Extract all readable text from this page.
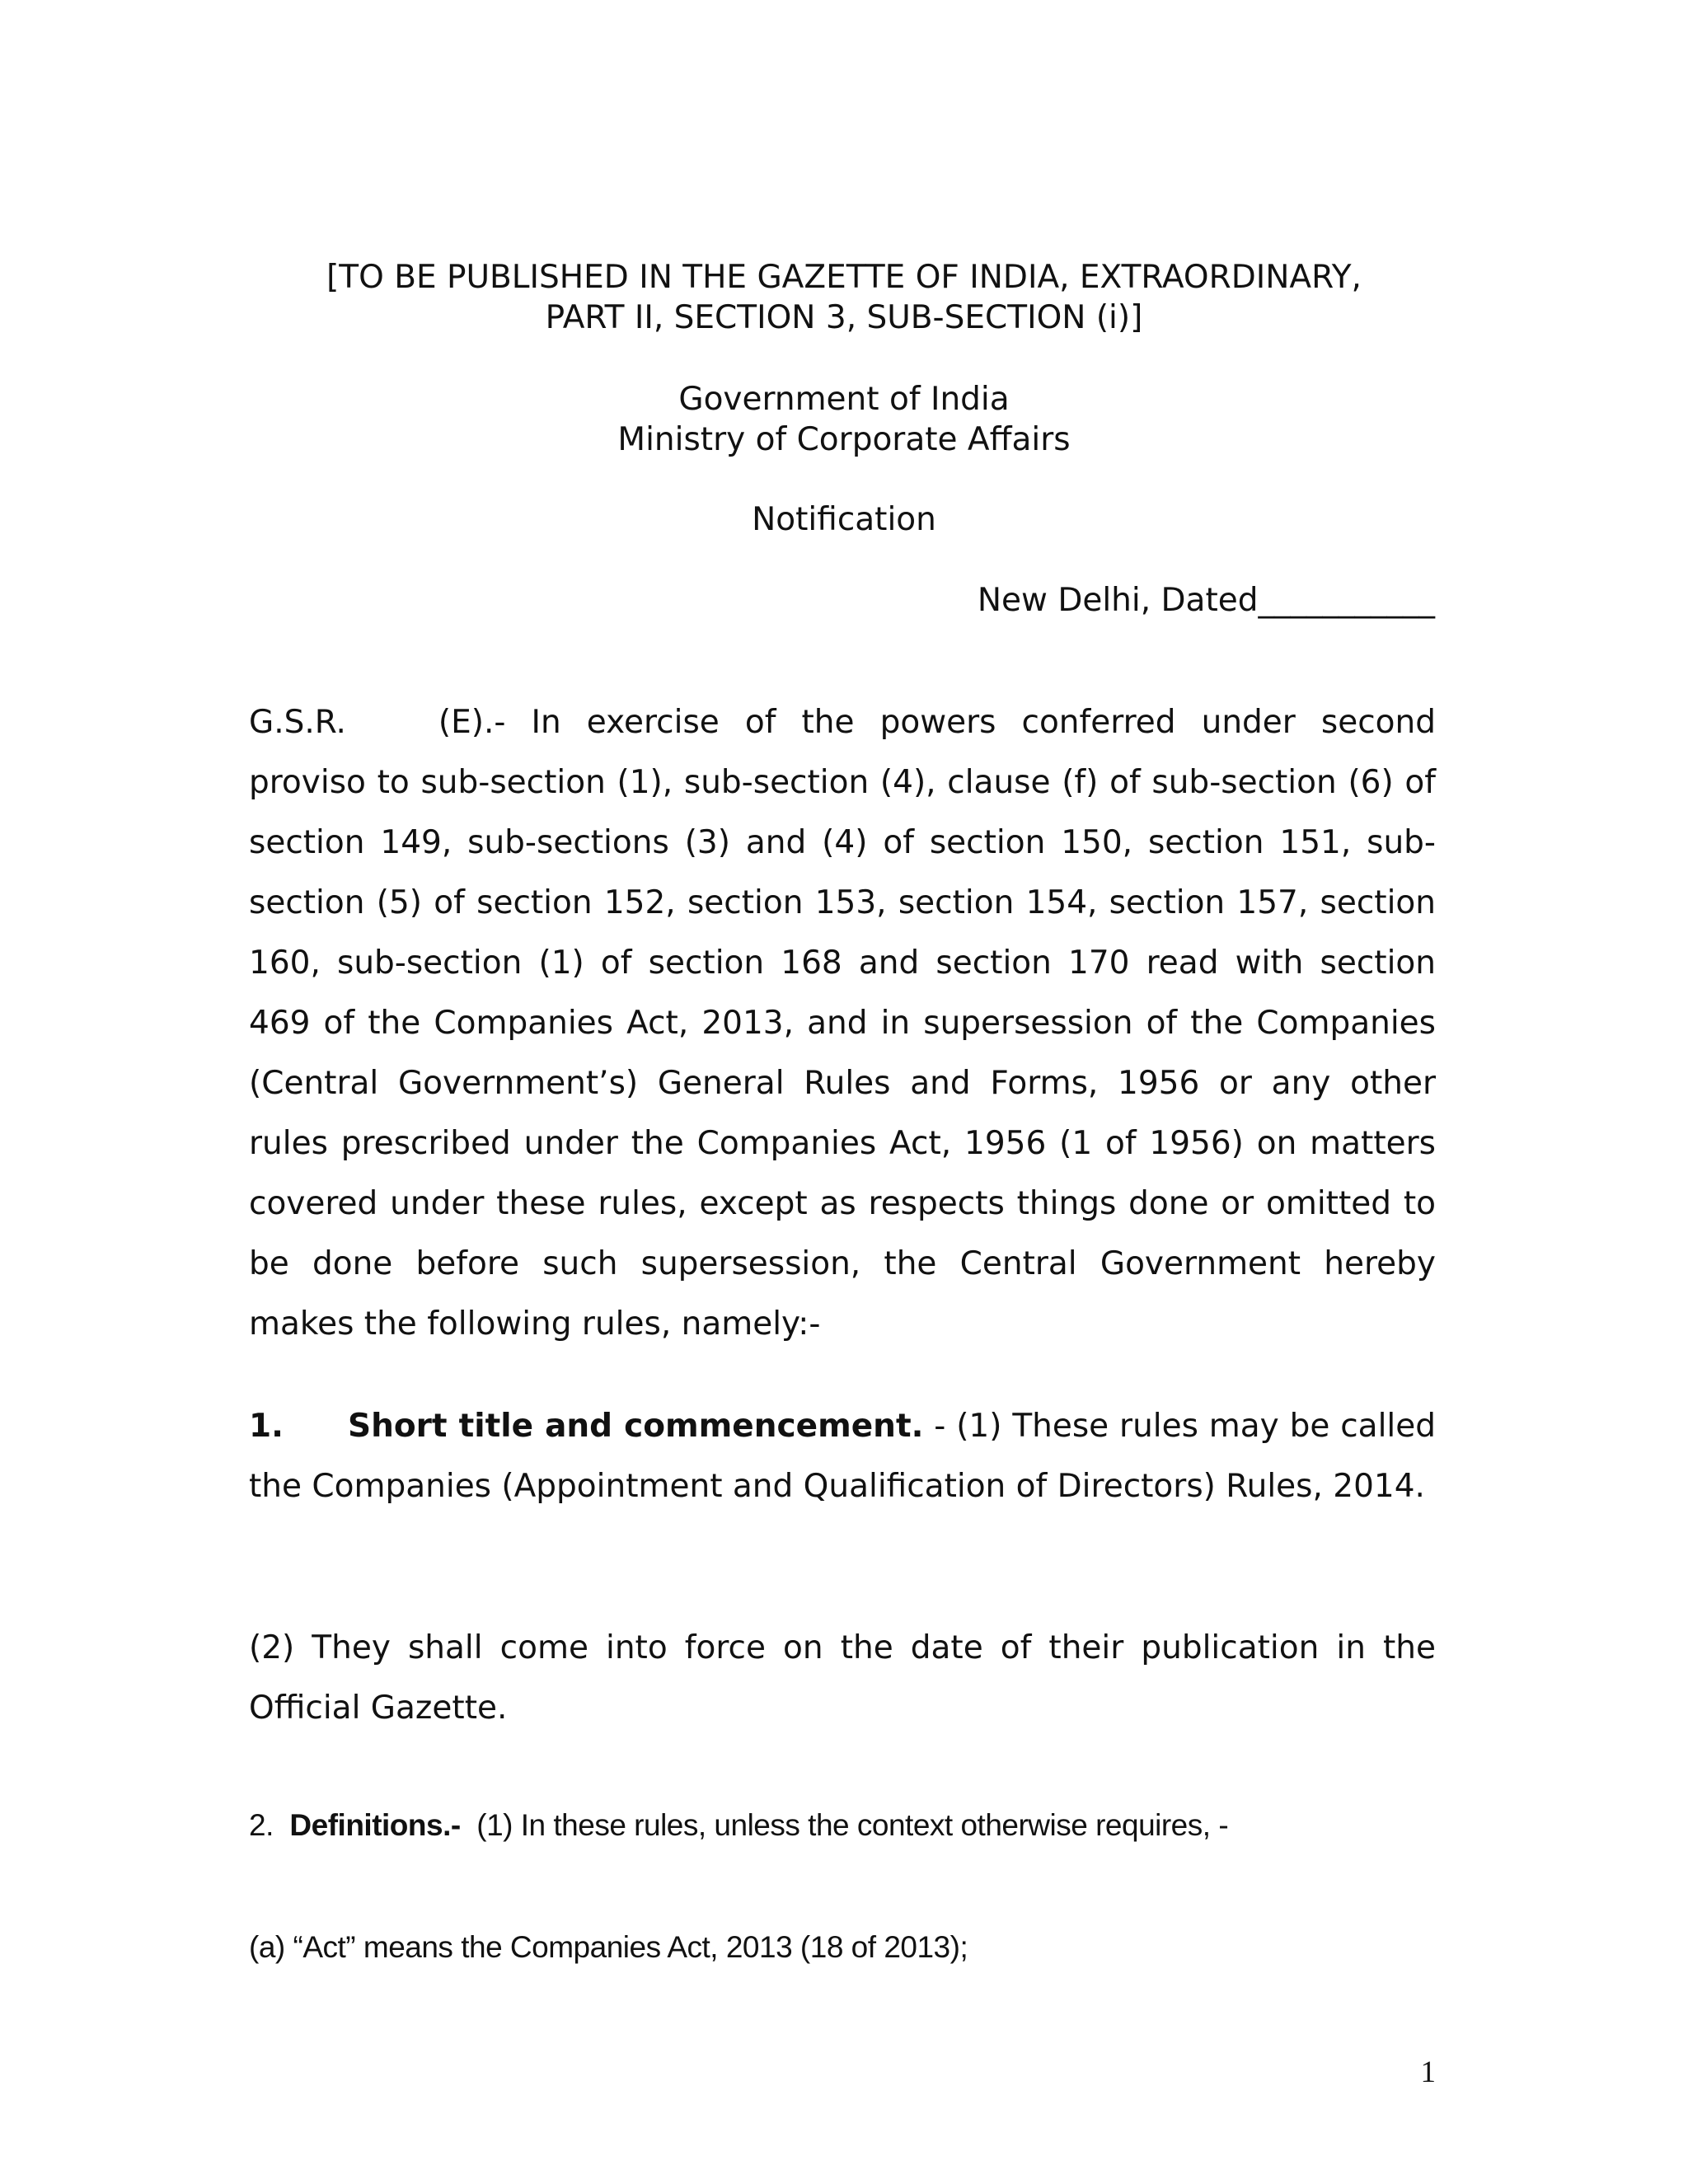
[TO BE PUBLISHED IN THE GAZETTE OF INDIA, EXTRAORDINARY,
PART II, SECTION 3, SUB-SECTION (i)]
Government of India
Ministry of Corporate Affairs
Notification
New Delhi, Dated___________
G.S.R.	(E).- In exercise of the powers conferred under second proviso to sub-section (1), sub-section (4), clause (f) of sub-section (6) of section 149, sub-sections (3) and (4) of section 150, section 151, sub-section (5) of section 152, section 153, section 154, section 157, section 160, sub-section (1) of section 168 and section 170 read with section 469 of the Companies Act, 2013, and in supersession of the Companies (Central Government’s) General Rules and Forms, 1956 or any other rules prescribed under the Companies Act, 1956 (1 of 1956) on matters covered under these rules, except as respects things done or omitted to be done before such supersession, the Central Government hereby makes the following rules, namely:-
1. Short title and commencement. - (1) These rules may be called the Companies (Appointment and Qualification of Directors) Rules, 2014.
(2) They shall come into force on the date of their publication in the Official Gazette.
2. Definitions.- (1) In these rules, unless the context otherwise requires, -
(a) “Act” means the Companies Act, 2013 (18 of 2013);
1
